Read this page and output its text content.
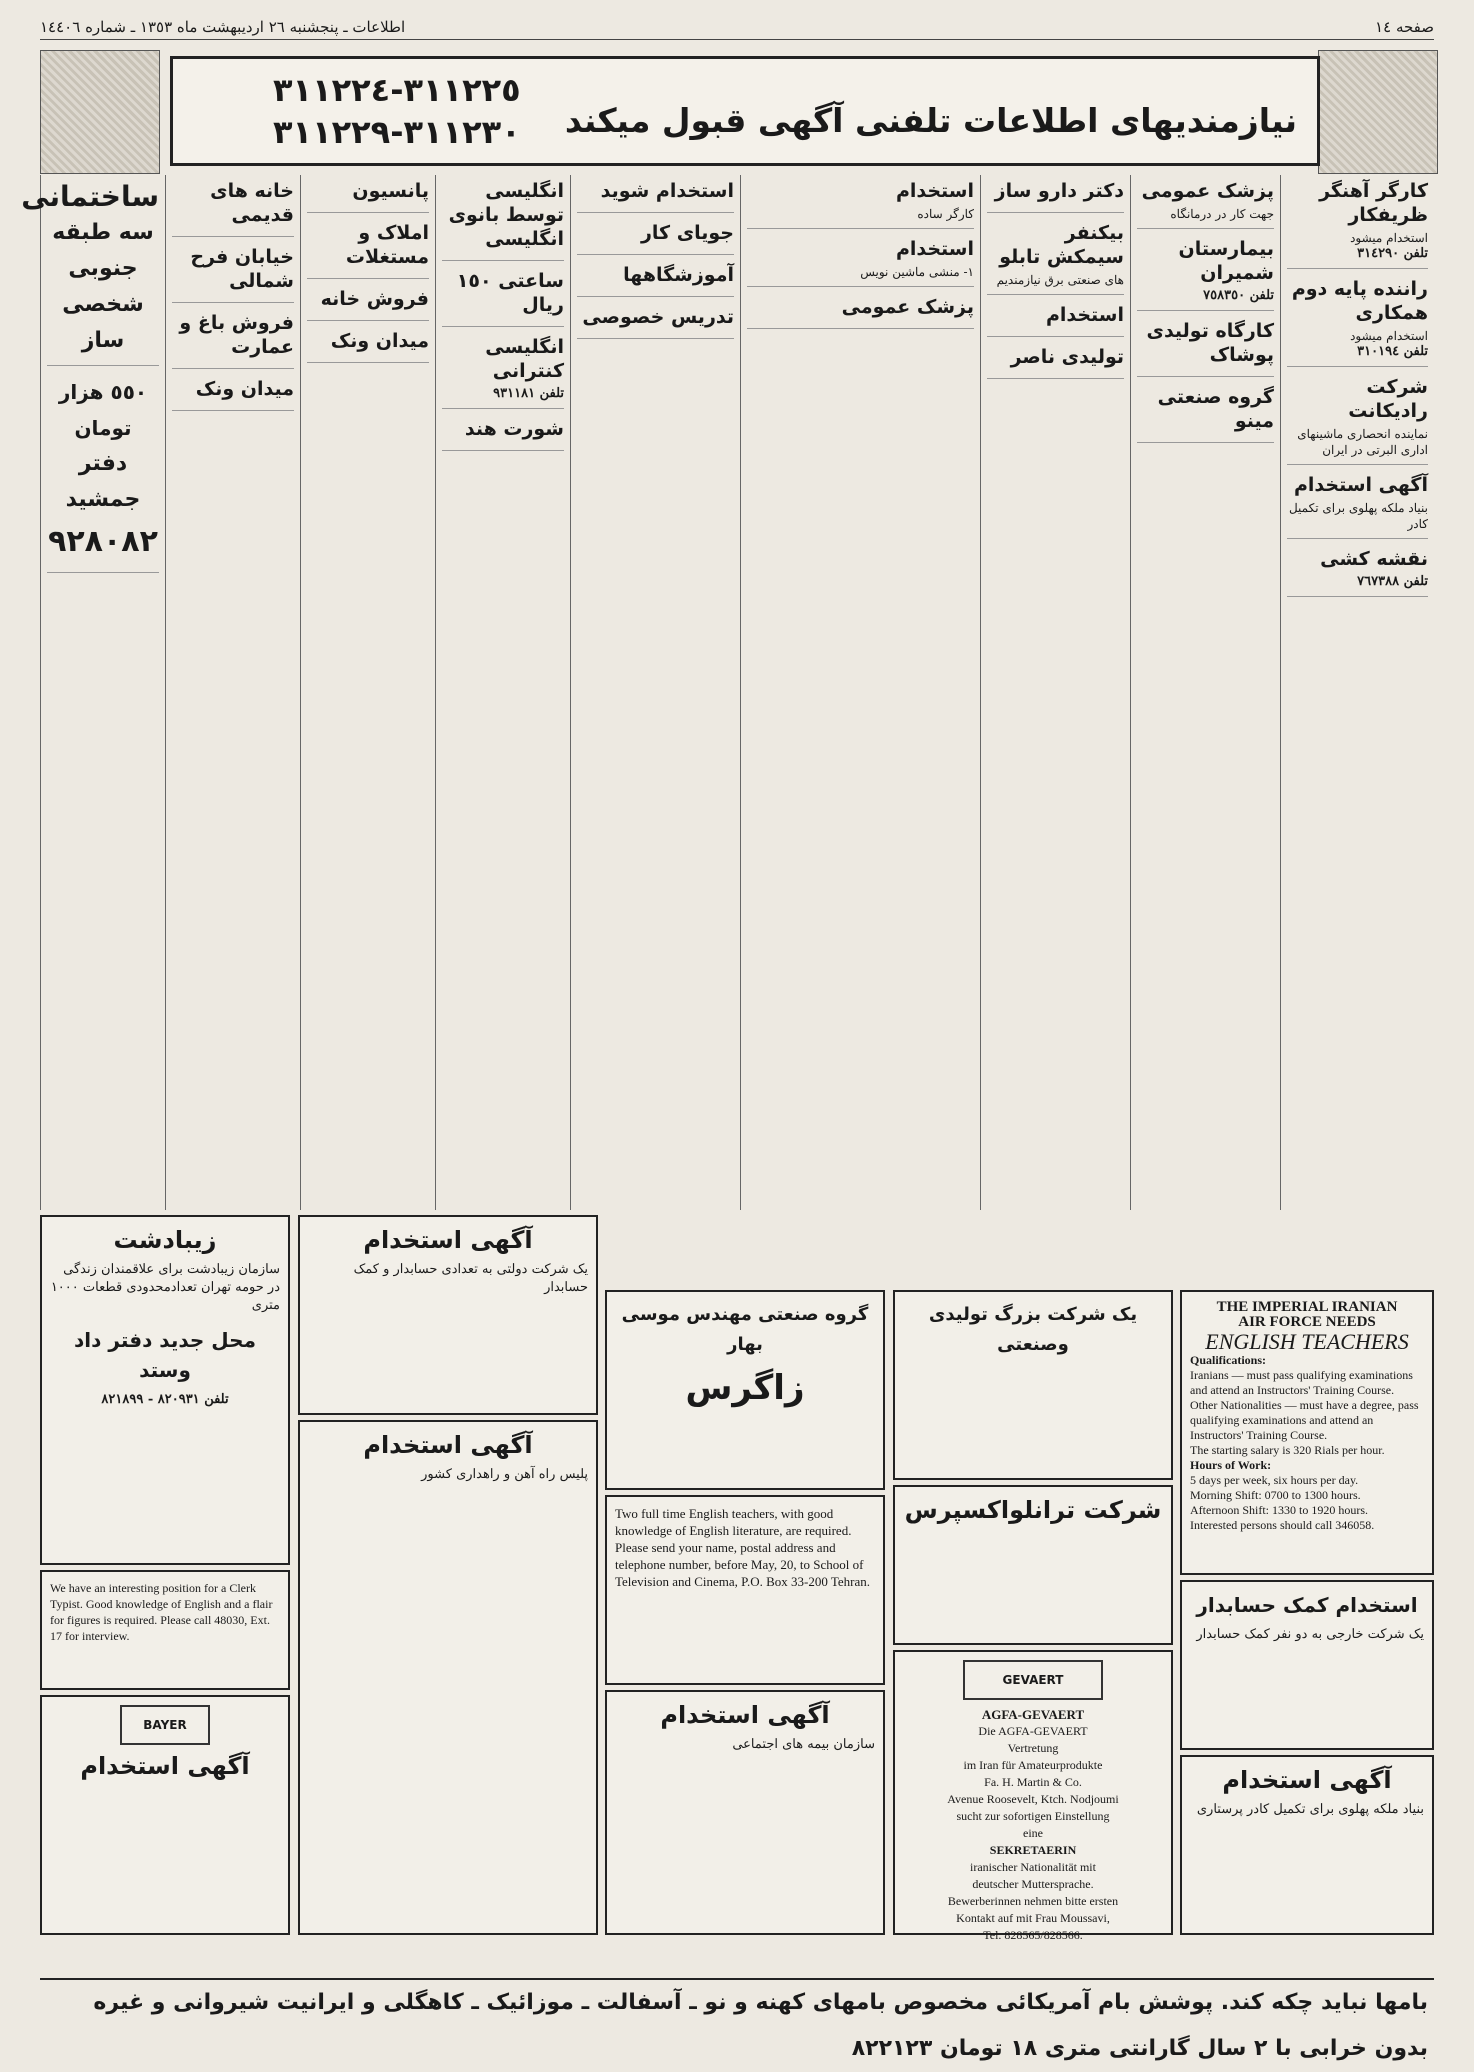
صفحه ١٤
اطلاعات ـ پنجشنبه ٢٦ اردیبهشت ماه ١٣٥٣ ـ شماره ١٤٤٠٦
نیازمندیهای اطلاعات تلفنی آگهی قبول میکند
٣١١٢٢٥-٣١١٢٢٤
٣١١٢٣٠-٣١١٢٢٩
کارگر آهنگر ظریفکار
استخدام میشود
تلفن ٣١٤٢٩٠
راننده پایه دوم همکاری
استخدام میشود
تلفن ٣١٠١٩٤
شرکت رادیکانت
نماینده انحصاری ماشینهای اداری البرتی در ایران
آگهی استخدام
بنیاد ملکه پهلوی برای تکمیل کادر
نقشه کشی
تلفن ٧٦٧٣٨٨
پزشک عمومی
جهت کار در درمانگاه
بیمارستان شمیران
تلفن ٧٥٨٣٥٠
کارگاه تولیدی پوشاک
گروه صنعتی مینو
دکتر دارو ساز
بیکنفر سیمکش تابلو
های صنعتی برق نیازمندیم
استخدام
تولیدی ناصر
استخدام
کارگر ساده
استخدام
١- منشی ماشین نویس
پزشک عمومی
استخدام شوید
جویای کار
آموزشگاهها
تدریس خصوصی
انگلیسی توسط بانوی انگلیسی
ساعتی ١٥٠ ریال
انگلیسی کنترانی
تلفن ٩٣١١٨١
شورت هند
پانسیون
املاک و مستغلات
فروش خانه
میدان ونک
خانه های قدیمی
خیابان فرح شمالی
فروش باغ و عمارت
میدان ونک
ساختمانی
سه طبقه جنوبی شخصی ساز
٥٥٠ هزار تومان
دفتر جمشید
٩٢٨٠٨٢
زیبادشت
سازمان زیبادشت برای علاقمندان زندگی در حومه تهران تعدادمحدودی قطعات ١٠٠٠ متری
محل جدید دفتر داد وستد
تلفن ٨٢٠٩٣١ - ٨٢١٨٩٩
We have an interesting position for a Clerk Typist. Good knowledge of English and a flair for figures is required. Please call 48030, Ext. 17 for interview.
BAYER
آگهی استخدام
آگهی استخدام
یک شرکت دولتی به تعدادی حسابدار و کمک حسابدار
آگهی استخدام
پلیس راه آهن و راهداری کشور
گروه صنعتی مهندس موسی بهار
زاگرس
Two full time English teachers, with good knowledge of English literature, are required. Please send your name, postal address and telephone number, before May, 20, to School of Television and Cinema, P.O. Box 33-200 Tehran.
آگهی استخدام
سازمان بیمه های اجتماعی
یک شرکت بزرگ تولیدی وصنعتی
شرکت ترانلواکسپرس
GEVAERT
AGFA-GEVAERT
Die AGFA-GEVAERT
Vertretung
im Iran für Amateurprodukte
Fa. H. Martin & Co.
Avenue Roosevelt, Ktch. Nodjoumi
sucht zur sofortigen Einstellung
eine
SEKRETAERIN
iranischer Nationalität mit
deutscher Muttersprache.
Bewerberinnen nehmen bitte ersten
Kontakt auf mit Frau Moussavi,
Tel. 828565/828566.
THE IMPERIAL IRANIAN
AIR FORCE NEEDS
ENGLISH TEACHERS
Qualifications:
Iranians — must pass qualifying examinations and attend an Instructors' Training Course.
Other Nationalities — must have a degree, pass qualifying examinations and attend an Instructors' Training Course.
The starting salary is 320 Rials per hour.
Hours of Work:
5 days per week, six hours per day.
Morning Shift: 0700 to 1300 hours.
Afternoon Shift: 1330 to 1920 hours.
Interested persons should call 346058.
استخدام کمک حسابدار
یک شرکت خارجی به دو نفر کمک حسابدار
آگهی استخدام
بنیاد ملکه پهلوی برای تکمیل کادر پرستاری
بامها نباید چکه کند. پوشش بام آمریکائی مخصوص بامهای کهنه و نو ـ آسفالت ـ موزائیک ـ کاهگلی و ایرانیت شیروانی و غیره بدون خرابی با ٢ سال گارانتی متری ١٨ تومان ٨٢٢١٢٣
